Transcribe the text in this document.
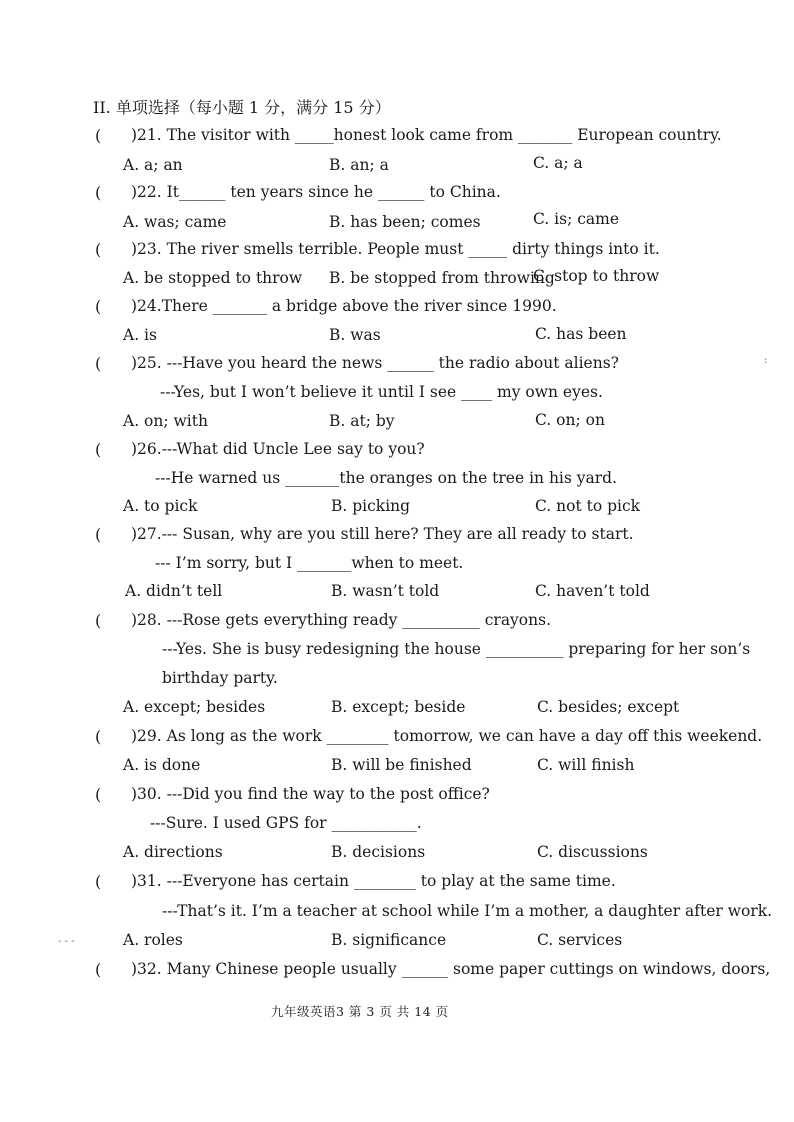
II. 单项选择（每小题 1 分，满分 15 分）
( )21. The visitor with _____honest look came from _______ European country.
A. a; an	B. an; a	C. a; a
( )22. It______ ten years since he ______ to China.
A. was; came	B. has been; comes	C. is; came
( )23. The river smells terrible. People must _____ dirty things into it.
A. be stopped to throw B. be stopped from throwing
C. stop to throw
( )24.There _______ a bridge above the river since 1990.
A. is	B. was	C. has been
( )25. ---Have you heard the news ______ the radio about aliens?
---Yes, but I won’t believe it until I see ____ my own eyes.
A. on; with	B. at; by	C. on; on
( )26.---What did Uncle Lee say to you?
---He warned us _______the oranges on the tree in his yard.
A. to pick	B. picking	C. not to pick
( )27.--- Susan, why are you still here? They are all ready to start.
--- I’m sorry, but I _______when to meet.
A. didn’t tell	B. wasn’t told	C. haven’t told
( )28. ---Rose gets everything ready __________ crayons.
---Yes. She is busy redesigning the house __________ preparing for her son’s
birthday party.
A. except; besides	B. except; beside	C. besides; except
( )29. As long as the work ________ tomorrow, we can have a day off this weekend.
A. is done	B. will be finished	C. will finish
( )30. ---Did you find the way to the post office?
---Sure. I used GPS for ___________.
A. directions	B. decisions	C. discussions
( )31. ---Everyone has certain ________ to play at the same time.
---That’s it. I’m a teacher at school while I’m a mother, a daughter after work.
A. roles	B. significance	C. services
( )32. Many Chinese people usually ______ some paper cuttings on windows, doors,
九年级英语3 第 3 页 共 14 页
- - -
:
